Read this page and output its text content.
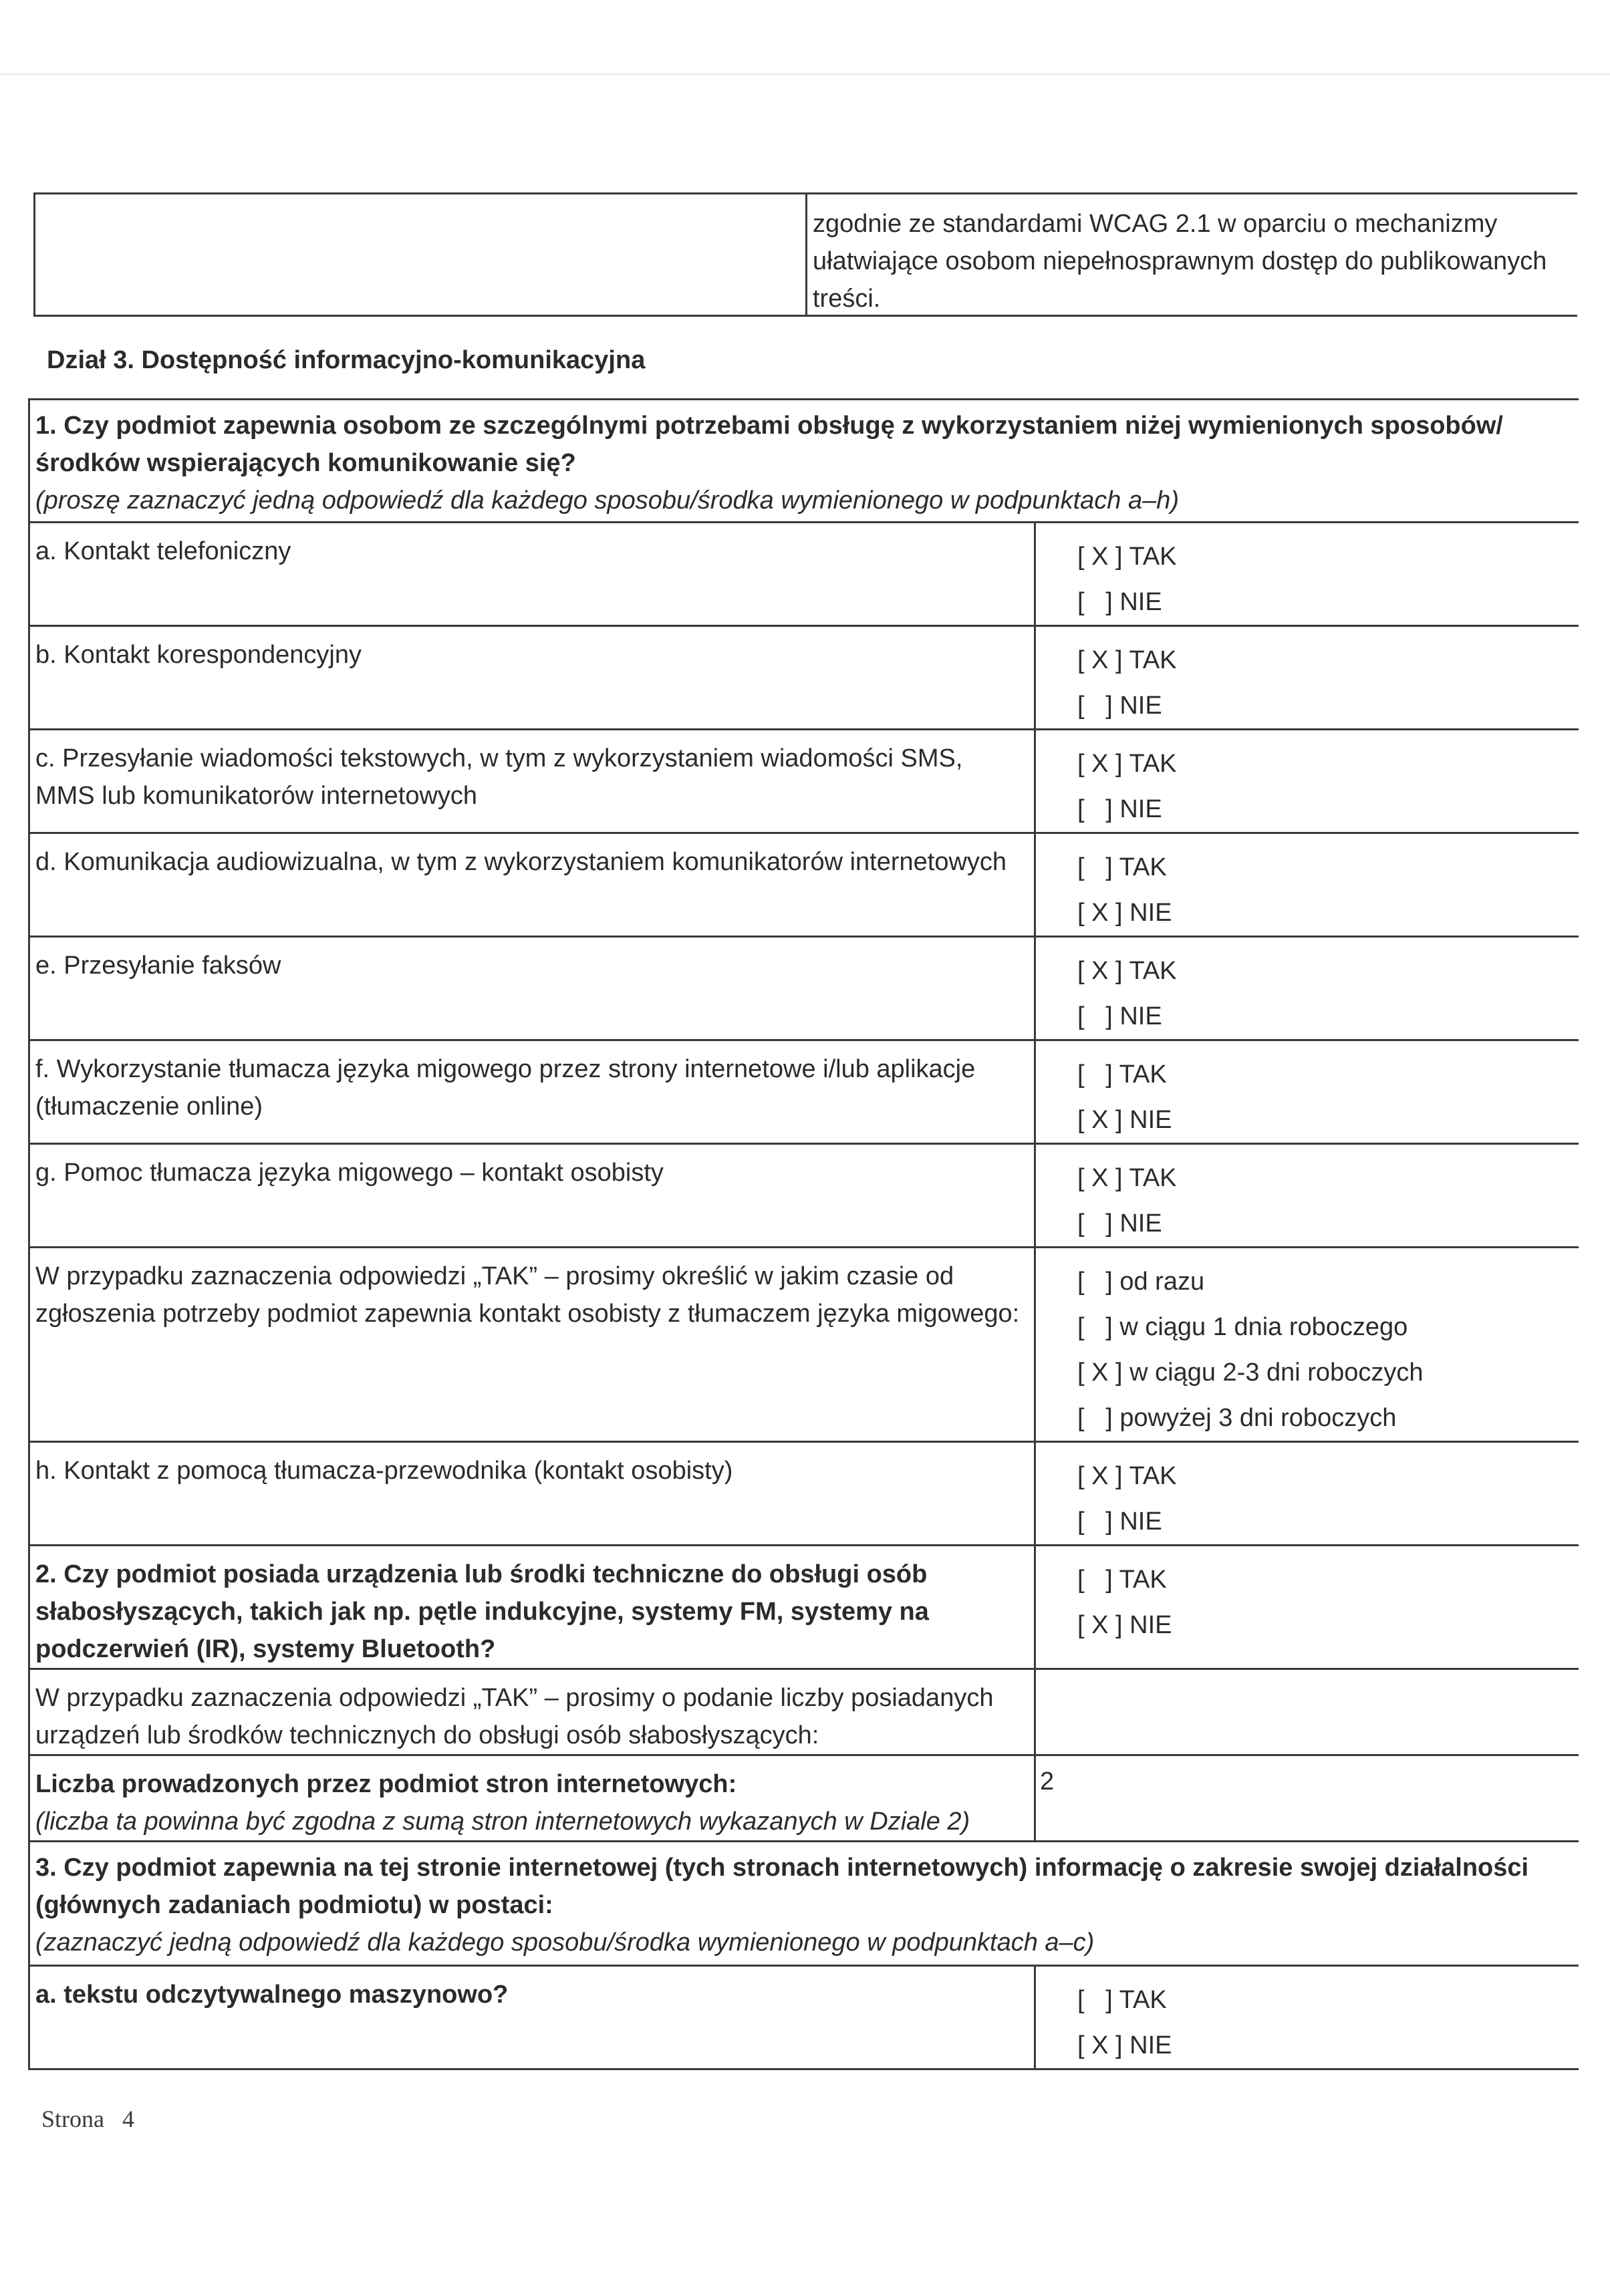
zgodnie ze standardami WCAG 2.1 w oparciu o mechanizmy ułatwiające osobom niepełnosprawnym dostęp do publikowanych treści.
Dział 3. Dostępność informacyjno-komunikacyjna
1. Czy podmiot zapewnia osobom ze szczególnymi potrzebami obsługę z wykorzystaniem niżej wymienionych sposobów/środków wspierających komunikowanie się?
(proszę zaznaczyć jedną odpowiedź dla każdego sposobu/środka wymienionego w podpunktach a–h)	

a. Kontakt telefoniczny	[ X ] TAK
[   ] NIE

b. Kontakt korespondencyjny	[ X ] TAK
[   ] NIE

c. Przesyłanie wiadomości tekstowych, w tym z wykorzystaniem wiadomości SMS, MMS lub komunikatorów internetowych	[ X ] TAK
[   ] NIE

d. Komunikacja audiowizualna, w tym z wykorzystaniem komunikatorów internetowych	[   ] TAK
[ X ] NIE

e. Przesyłanie faksów	[ X ] TAK
[   ] NIE

f. Wykorzystanie tłumacza języka migowego przez strony internetowe i/lub aplikacje (tłumaczenie online)	[   ] TAK
[ X ] NIE

g. Pomoc tłumacza języka migowego – kontakt osobisty	[ X ] TAK
[   ] NIE

W przypadku zaznaczenia odpowiedzi „TAK” – prosimy określić w jakim czasie od zgłoszenia potrzeby podmiot zapewnia kontakt osobisty z tłumaczem języka migowego:	[   ] od razu
[   ] w ciągu 1 dnia roboczego
[ X ] w ciągu 2-3 dni roboczych
[   ] powyżej 3 dni roboczych

h. Kontakt z pomocą tłumacza-przewodnika (kontakt osobisty)	[ X ] TAK
[   ] NIE

2. Czy podmiot posiada urządzenia lub środki techniczne do obsługi osób słabosłyszących, takich jak np. pętle indukcyjne, systemy FM, systemy na podczerwień (IR), systemy Bluetooth?	[   ] TAK
[ X ] NIE

W przypadku zaznaczenia odpowiedzi „TAK” – prosimy o podanie liczby posiadanych urządzeń lub środków technicznych do obsługi osób słabosłyszących:	

Liczba prowadzonych przez podmiot stron internetowych:
(liczba ta powinna być zgodna z sumą stron internetowych wykazanych w Dziale 2)	2

3. Czy podmiot zapewnia na tej stronie internetowej (tych stronach internetowych) informację o zakresie swojej działalności (głównych zadaniach podmiotu) w postaci:
(zaznaczyć jedną odpowiedź dla każdego sposobu/środka wymienionego w podpunktach a–c)	

a. tekstu odczytywalnego maszynowo?	[   ] TAK
[ X ] NIE
Strona   4
